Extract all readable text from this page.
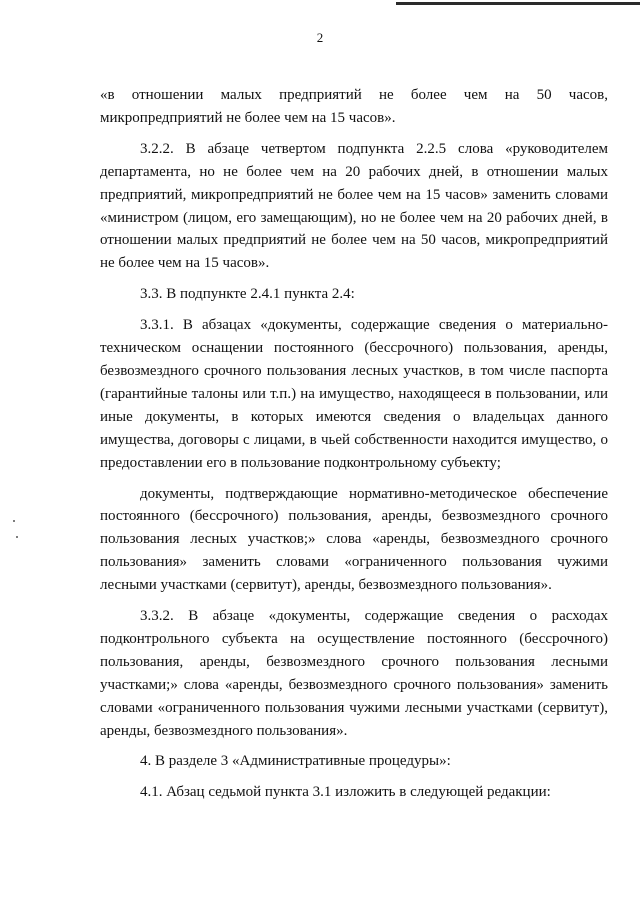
2

«в отношении малых предприятий не более чем на 50 часов, микропредприятий не более чем на 15 часов».

3.2.2. В абзаце четвертом подпункта 2.2.5 слова «руководителем департамента, но не более чем на 20 рабочих дней, в отношении малых предприятий, микропредприятий не более чем на 15 часов» заменить словами «министром (лицом, его замещающим), но не более чем на 20 рабочих дней, в отношении малых предприятий не более чем на 50 часов, микропредприятий не более чем на 15 часов».

3.3. В подпункте 2.4.1 пункта 2.4:

3.3.1. В абзацах «документы, содержащие сведения о материально-техническом оснащении постоянного (бессрочного) пользования, аренды, безвозмездного срочного пользования лесных участков, в том числе паспорта (гарантийные талоны или т.п.) на имущество, находящееся в пользовании, или иные документы, в которых имеются сведения о владельцах данного имущества, договоры с лицами, в чьей собственности находится имущество, о предоставлении его в пользование подконтрольному субъекту;

документы, подтверждающие нормативно-методическое обеспечение постоянного (бессрочного) пользования, аренды, безвозмездного срочного пользования лесных участков;» слова «аренды, безвозмездного срочного пользования» заменить словами «ограниченного пользования чужими лесными участками (сервитут), аренды, безвозмездного пользования».

3.3.2. В абзаце «документы, содержащие сведения о расходах подконтрольного субъекта на осуществление постоянного (бессрочного) пользования, аренды, безвозмездного срочного пользования лесными участками;» слова «аренды, безвозмездного срочного пользования» заменить словами «ограниченного пользования чужими лесными участками (сервитут), аренды, безвозмездного пользования».

4. В разделе 3 «Административные процедуры»:

4.1. Абзац седьмой пункта 3.1 изложить в следующей редакции:
